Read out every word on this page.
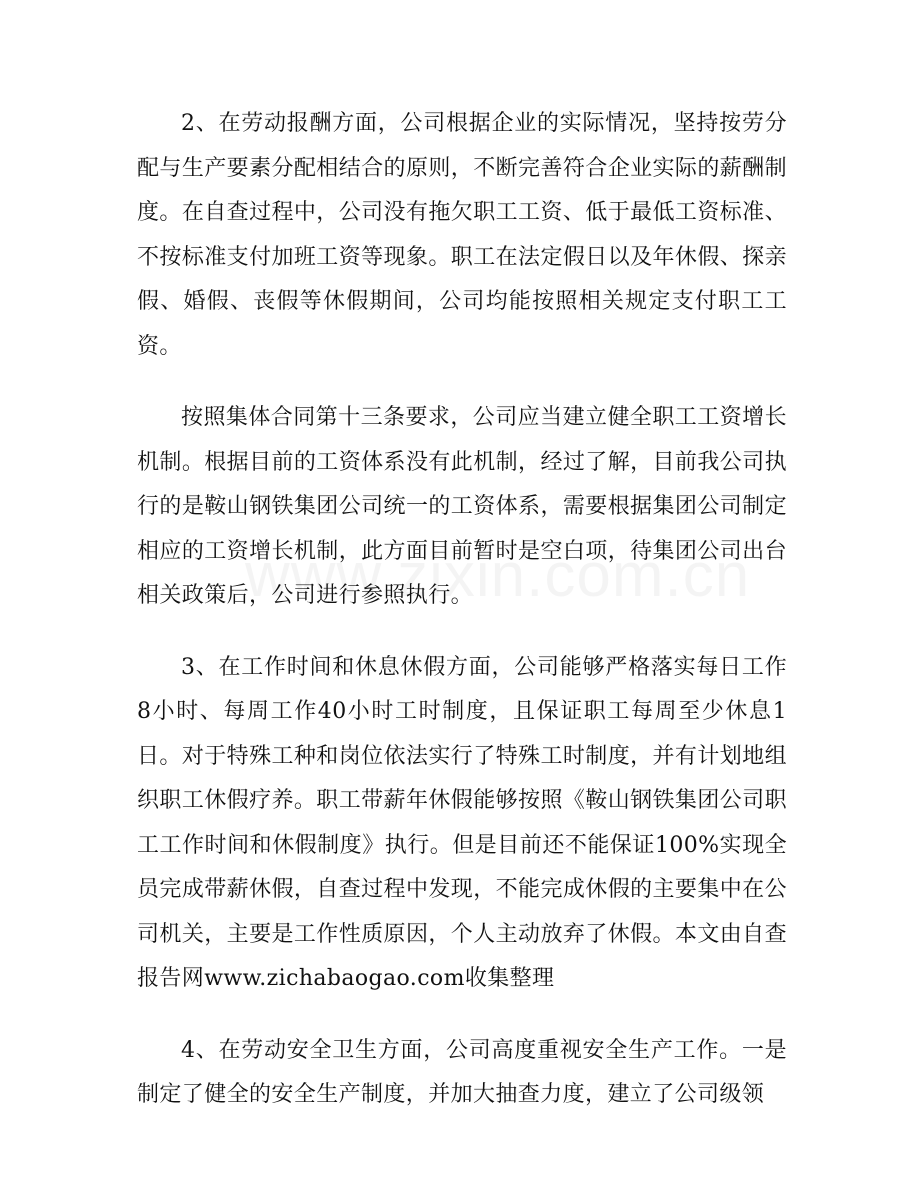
2、在劳动报酬方面，公司根据企业的实际情况，坚持按劳分配与生产要素分配相结合的原则，不断完善符合企业实际的薪酬制度。在自查过程中，公司没有拖欠职工工资、低于最低工资标准、不按标准支付加班工资等现象。职工在法定假日以及年休假、探亲假、婚假、丧假等休假期间，公司均能按照相关规定支付职工工资。

按照集体合同第十三条要求，公司应当建立健全职工工资增长机制。根据目前的工资体系没有此机制，经过了解，目前我公司执行的是鞍山钢铁集团公司统一的工资体系，需要根据集团公司制定相应的工资增长机制，此方面目前暂时是空白项，待集团公司出台相关政策后，公司进行参照执行。

3、在工作时间和休息休假方面，公司能够严格落实每日工作8小时、每周工作40小时工时制度，且保证职工每周至少休息1日。对于特殊工种和岗位依法实行了特殊工时制度，并有计划地组织职工休假疗养。职工带薪年休假能够按照《鞍山钢铁集团公司职工工作时间和休假制度》执行。但是目前还不能保证100%实现全员完成带薪休假，自查过程中发现，不能完成休假的主要集中在公司机关，主要是工作性质原因，个人主动放弃了休假。本文由自查报告网www.zichabaogao.com收集整理

4、在劳动安全卫生方面，公司高度重视安全生产工作。一是制定了健全的安全生产制度，并加大抽查力度，建立了公司级领
